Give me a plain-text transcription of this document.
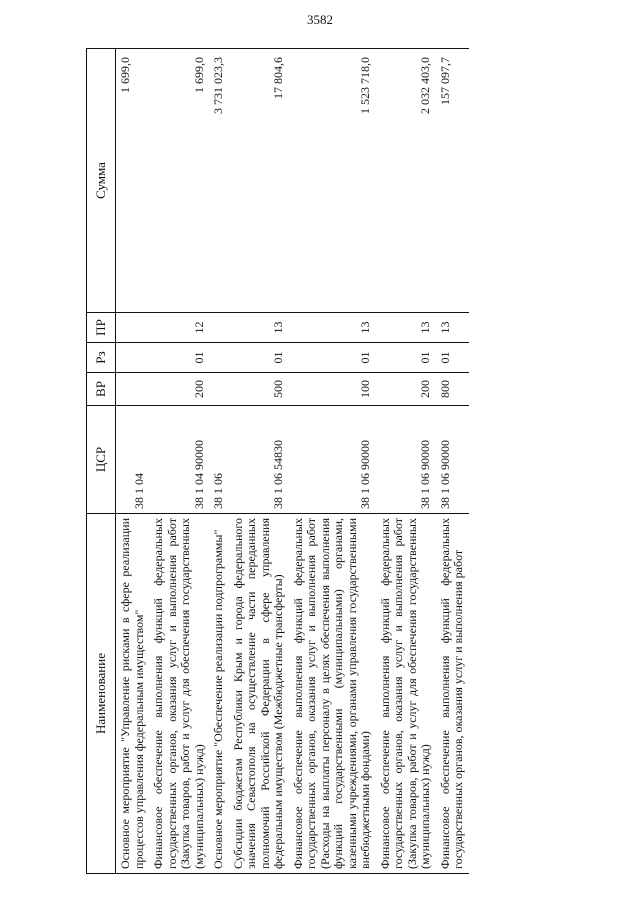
3582
Наименование	ЦСР	ВР	Рз	ПР	Сумма
Основное мероприятие "Управление рисками в сфере реализации процессов управления федеральным имуществом"	38 1 04				1 699,0
Финансовое обеспечение выполнения функций федеральных государственных органов, оказания услуг и выполнения работ (Закупка товаров, работ и услуг для обеспечения государственных (муниципальных) нужд)	38 1 04 90000	200	01	12	1 699,0
Основное мероприятие "Обеспечение реализации подпрограммы"	38 1 06				3 731 023,3
Субсидии бюджетам Республики Крым и города федерального значения Севастополя на осуществление части переданных полномочий Российской Федерации в сфере управления федеральным имуществом (Межбюджетные трансферты)	38 1 06 54830	500	01	13	17 804,6
Финансовое обеспечение выполнения функций федеральных государственных органов, оказания услуг и выполнения работ (Расходы на выплаты персоналу в целях обеспечения выполнения функций государственными (муниципальными) органами, казенными учреждениями, органами управления государственными внебюджетными фондами)	38 1 06 90000	100	01	13	1 523 718,0
Финансовое обеспечение выполнения функций федеральных государственных органов, оказания услуг и выполнения работ (Закупка товаров, работ и услуг для обеспечения государственных (муниципальных) нужд)	38 1 06 90000	200	01	13	2 032 403,0
Финансовое обеспечение выполнения функций федеральных государственных органов, оказания услуг и выполнения работ	38 1 06 90000	800	01	13	157 097,7
